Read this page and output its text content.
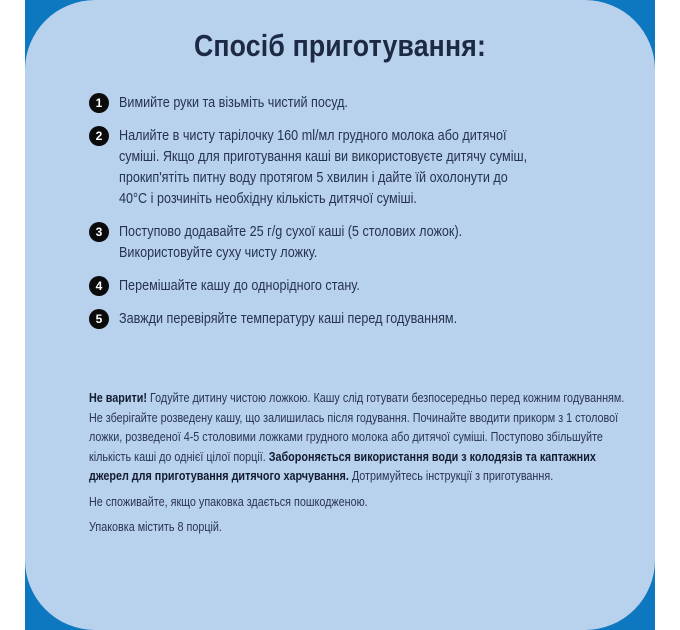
Спосіб приготування:
1	Вимийте руки та візьміть чистий посуд.
2	Налийте в чисту тарілочку 160 ml/мл грудного молока або дитячої суміші. Якщо для приготування каші ви використовуєте дитячу суміш, прокип'ятіть питну воду протягом 5 хвилин і дайте їй охолонути до 40°C і розчиніть необхідну кількість дитячої суміші.
3	Поступово додавайте 25 г/g сухої каші (5 столових ложок). Використовуйте суху чисту ложку.
4	Перемішайте кашу до однорідного стану.
5	Завжди перевіряйте температуру каші перед годуванням.
Не варити! Годуйте дитину чистою ложкою. Кашу слід готувати безпосередньо перед кожним годуванням. Не зберігайте розведену кашу, що залишилась після годування. Починайте вводити прикорм з 1 столової ложки, розведеної 4-5 столовими ложками грудного молока або дитячої суміші. Поступово збільшуйте кількість каші до однієї цілої порції. Забороняється використання води з колодязів та каптажних джерел для приготування дитячого харчування. Дотримуйтесь інструкції з приготування.
Не споживайте, якщо упаковка здається пошкодженою.
Упаковка містить 8 порцій.
